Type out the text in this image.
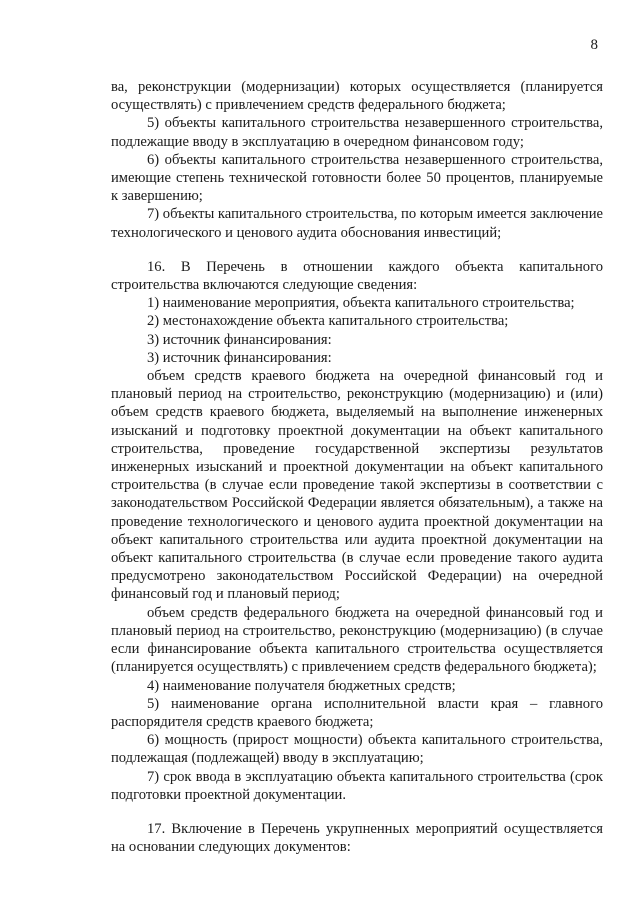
8

ва, реконструкции (модернизации) которых осуществляется (планируется осуществлять) с привлечением средств федерального бюджета;

5) объекты капитального строительства незавершенного строительства, подлежащие вводу в эксплуатацию в очередном финансовом году;

6) объекты капитального строительства незавершенного строительства, имеющие степень технической готовности более 50 процентов, планируемые к завершению;

7) объекты капитального строительства, по которым имеется заключение технологического и ценового аудита обоснования инвестиций;

16. В Перечень в отношении каждого объекта капитального строительства включаются следующие сведения:

1) наименование мероприятия, объекта капитального строительства;

2) местонахождение объекта капитального строительства;

3) источник финансирования:

3) источник финансирования:

объем средств краевого бюджета на очередной финансовый год и плановый период на строительство, реконструкцию (модернизацию) и (или) объем средств краевого бюджета, выделяемый на выполнение инженерных изысканий и подготовку проектной документации на объект капитального строительства, проведение государственной экспертизы результатов инженерных изысканий и проектной документации на объект капитального строительства (в случае если проведение такой экспертизы в соответствии с законодательством Российской Федерации является обязательным), а также на проведение технологического и ценового аудита проектной документации на объект капитального строительства или аудита проектной документации на объект капитального строительства (в случае если проведение такого аудита предусмотрено законодательством Российской Федерации) на очередной финансовый год и плановый период;

объем средств федерального бюджета на очередной финансовый год и плановый период на строительство, реконструкцию (модернизацию) (в случае если финансирование объекта капитального строительства осуществляется (планируется осуществлять) с привлечением средств федерального бюджета);

4) наименование получателя бюджетных средств;

5) наименование органа исполнительной власти края – главного распорядителя средств краевого бюджета;

6) мощность (прирост мощности) объекта капитального строительства, подлежащая (подлежащей) вводу в эксплуатацию;

7) срок ввода в эксплуатацию объекта капитального строительства (срок подготовки проектной документации.

17. Включение в Перечень укрупненных мероприятий осуществляется на основании следующих документов:
